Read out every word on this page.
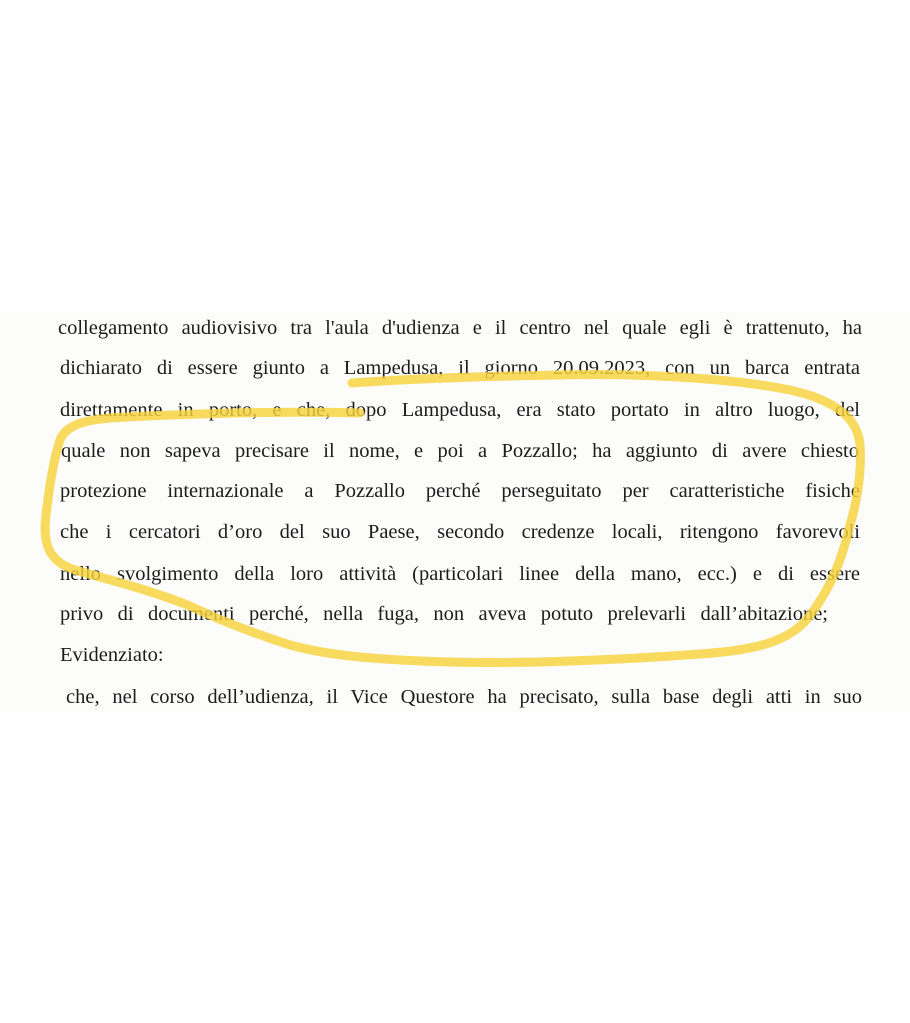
collegamento audiovisivo tra l'aula d'udienza e il centro nel quale egli è trattenuto, ha
dichiarato di essere giunto a Lampedusa, il giorno 20.09.2023, con un barca entrata
direttamente in porto, e che, dopo Lampedusa, era stato portato in altro luogo, del
quale non sapeva precisare il nome, e poi a Pozzallo; ha aggiunto di avere chiesto
protezione internazionale a Pozzallo perché perseguitato per caratteristiche fisiche
che i cercatori d’oro del suo Paese, secondo credenze locali, ritengono favorevoli
nello svolgimento della loro attività (particolari linee della mano, ecc.) e di essere
privo di documenti perché, nella fuga, non aveva potuto prelevarli dall’abitazione;
Evidenziato:
che, nel corso dell’udienza, il Vice Questore ha precisato, sulla base degli atti in suo
